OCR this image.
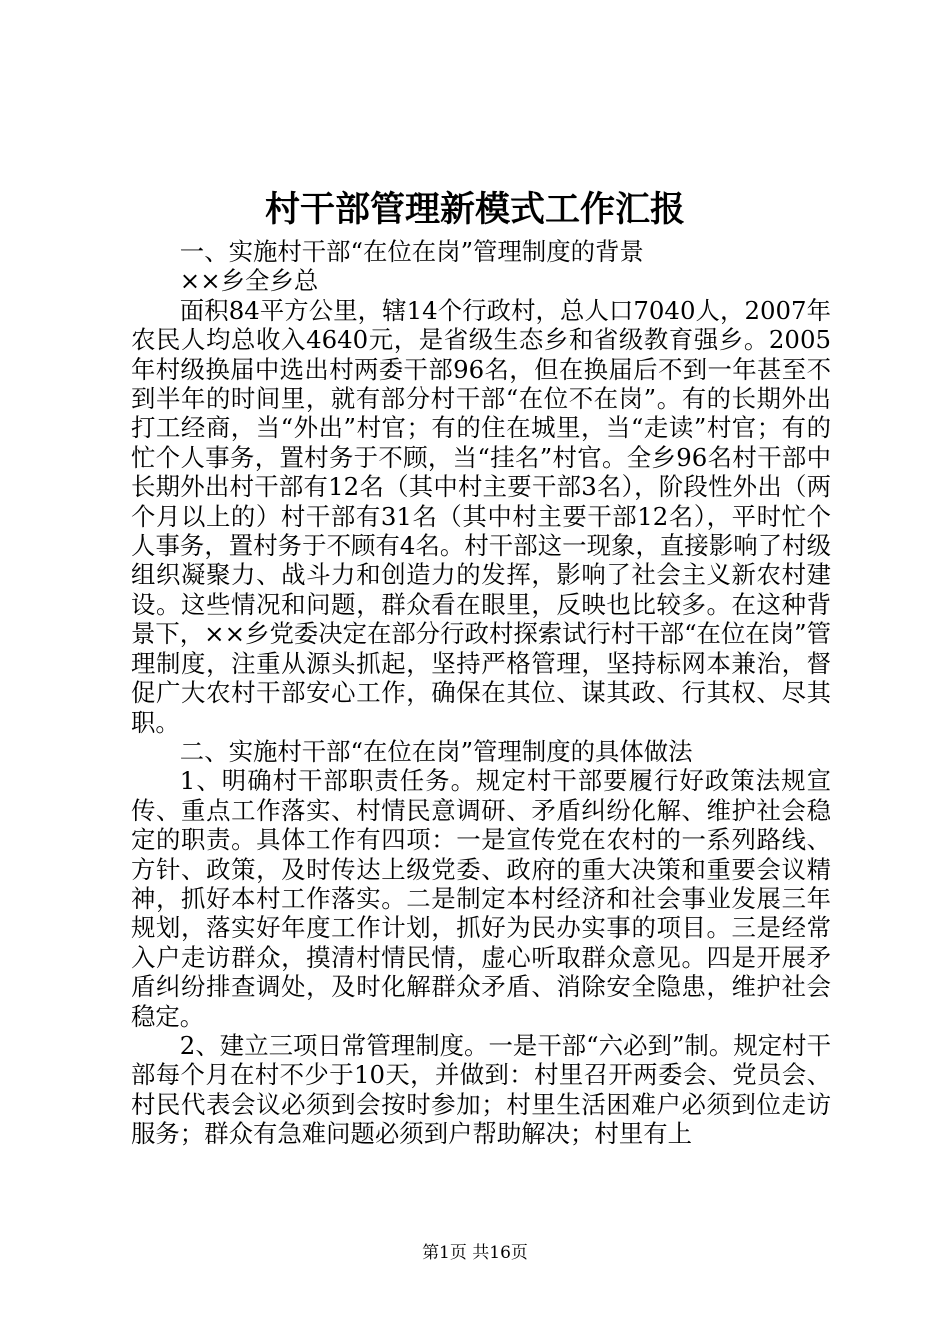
村干部管理新模式工作汇报

一、实施村干部“在位在岗”管理制度的背景

××乡全乡总

面积84平方公里，辖14个行政村，总人口7040人，2007年农民人均总收入4640元，是省级生态乡和省级教育强乡。2005年村级换届中选出村两委干部96名，但在换届后不到一年甚至不到半年的时间里，就有部分村干部“在位不在岗”。有的长期外出打工经商，当“外出”村官；有的住在城里，当“走读”村官；有的忙个人事务，置村务于不顾，当“挂名”村官。全乡96名村干部中长期外出村干部有12名（其中村主要干部3名），阶段性外出（两个月以上的）村干部有31名（其中村主要干部12名），平时忙个人事务，置村务于不顾有4名。村干部这一现象，直接影响了村级组织凝聚力、战斗力和创造力的发挥，影响了社会主义新农村建设。这些情况和问题，群众看在眼里，反映也比较多。在这种背景下，××乡党委决定在部分行政村探索试行村干部“在位在岗”管理制度，注重从源头抓起，坚持严格管理，坚持标网本兼治，督促广大农村干部安心工作，确保在其位、谋其政、行其权、尽其职。

二、实施村干部“在位在岗”管理制度的具体做法

1、明确村干部职责任务。规定村干部要履行好政策法规宣传、重点工作落实、村情民意调研、矛盾纠纷化解、维护社会稳定的职责。具体工作有四项：一是宣传党在农村的一系列路线、方针、政策，及时传达上级党委、政府的重大决策和重要会议精神，抓好本村工作落实。二是制定本村经济和社会事业发展三年规划，落实好年度工作计划，抓好为民办实事的项目。三是经常入户走访群众，摸清村情民情，虚心听取群众意见。四是开展矛盾纠纷排查调处，及时化解群众矛盾、消除安全隐患，维护社会稳定。

2、建立三项日常管理制度。一是干部“六必到”制。规定村干部每个月在村不少于10天，并做到：村里召开两委会、党员会、村民代表会议必须到会按时参加；村里生活困难户必须到位走访服务；群众有急难问题必须到户帮助解决；村里有上

第1页 共16页
